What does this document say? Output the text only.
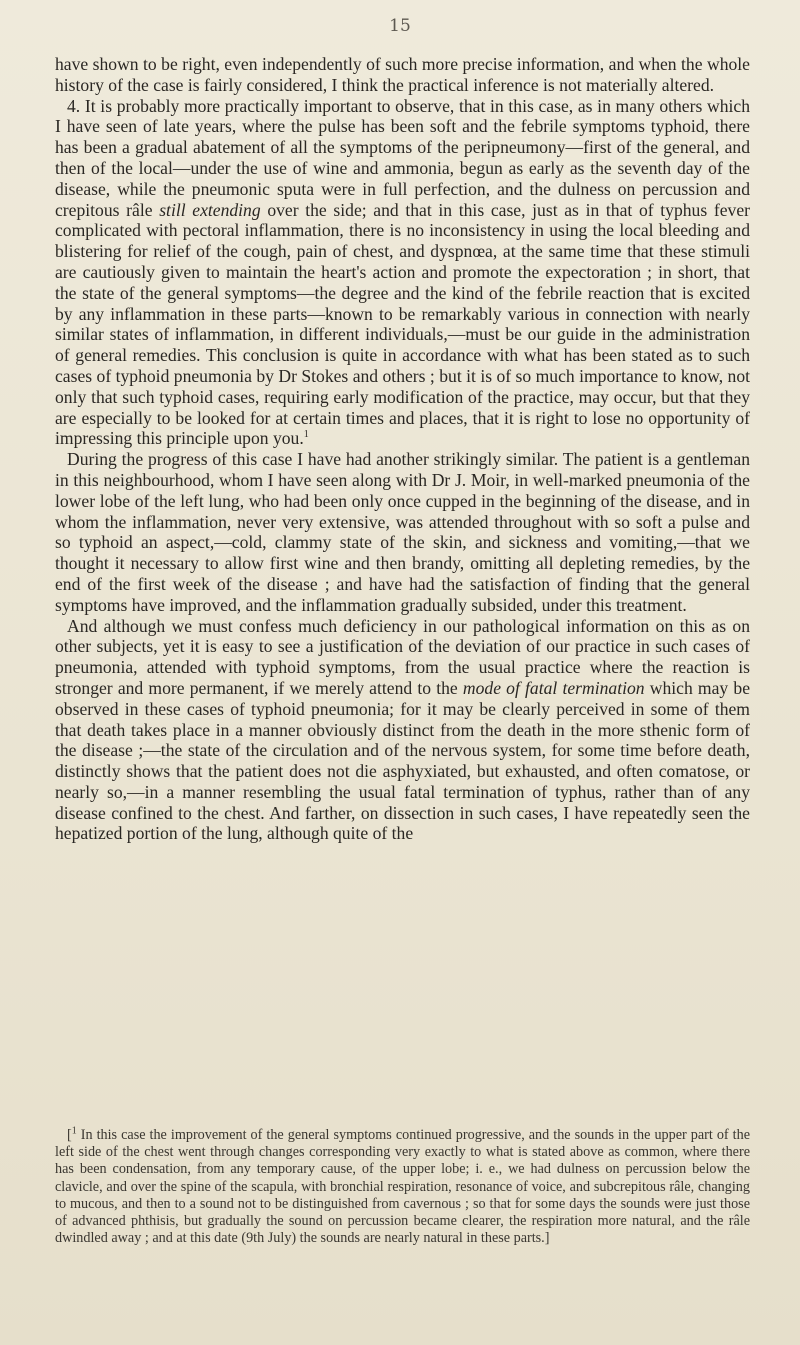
15

have shown to be right, even independently of such more precise information, and when the whole history of the case is fairly considered, I think the practical inference is not materially altered.

4. It is probably more practically important to observe, that in this case, as in many others which I have seen of late years, where the pulse has been soft and the febrile symptoms typhoid, there has been a gradual abatement of all the symptoms of the peripneumony—first of the general, and then of the local—under the use of wine and ammonia, begun as early as the seventh day of the disease, while the pneumonic sputa were in full perfection, and the dulness on percussion and crepitous râle still extending over the side; and that in this case, just as in that of typhus fever complicated with pectoral inflammation, there is no inconsistency in using the local bleeding and blistering for relief of the cough, pain of chest, and dyspnœa, at the same time that these stimuli are cautiously given to maintain the heart's action and promote the expectoration ; in short, that the state of the general symptoms—the degree and the kind of the febrile reaction that is excited by any inflammation in these parts—known to be remarkably various in connection with nearly similar states of inflammation, in different individuals,—must be our guide in the administration of general remedies. This conclusion is quite in accordance with what has been stated as to such cases of typhoid pneumonia by Dr Stokes and others ; but it is of so much importance to know, not only that such typhoid cases, requiring early modification of the practice, may occur, but that they are especially to be looked for at certain times and places, that it is right to lose no opportunity of impressing this principle upon you.$^1$

During the progress of this case I have had another strikingly similar. The patient is a gentleman in this neighbourhood, whom I have seen along with Dr J. Moir, in well-marked pneumonia of the lower lobe of the left lung, who had been only once cupped in the beginning of the disease, and in whom the inflammation, never very extensive, was attended throughout with so soft a pulse and so typhoid an aspect,—cold, clammy state of the skin, and sickness and vomiting,—that we thought it necessary to allow first wine and then brandy, omitting all depleting remedies, by the end of the first week of the disease ; and have had the satisfaction of finding that the general symptoms have improved, and the inflammation gradually subsided, under this treatment.

And although we must confess much deficiency in our pathological information on this as on other subjects, yet it is easy to see a justification of the deviation of our practice in such cases of pneumonia, attended with typhoid symptoms, from the usual practice where the reaction is stronger and more permanent, if we merely attend to the mode of fatal termination which may be observed in these cases of typhoid pneumonia; for it may be clearly perceived in some of them that death takes place in a manner obviously distinct from the death in the more sthenic form of the disease ;—the state of the circulation and of the nervous system, for some time before death, distinctly shows that the patient does not die asphyxiated, but exhausted, and often comatose, or nearly so,—in a manner resembling the usual fatal termination of typhus, rather than of any disease confined to the chest. And farther, on dissection in such cases, I have repeatedly seen the hepatized portion of the lung, although quite of the

[$^1$ In this case the improvement of the general symptoms continued progressive, and the sounds in the upper part of the left side of the chest went through changes corresponding very exactly to what is stated above as common, where there has been condensation, from any temporary cause, of the upper lobe; i. e., we had dulness on percussion below the clavicle, and over the spine of the scapula, with bronchial respiration, resonance of voice, and subcrepitous râle, changing to mucous, and then to a sound not to be distinguished from cavernous ; so that for some days the sounds were just those of advanced phthisis, but gradually the sound on percussion became clearer, the respiration more natural, and the râle dwindled away ; and at this date (9th July) the sounds are nearly natural in these parts.]
